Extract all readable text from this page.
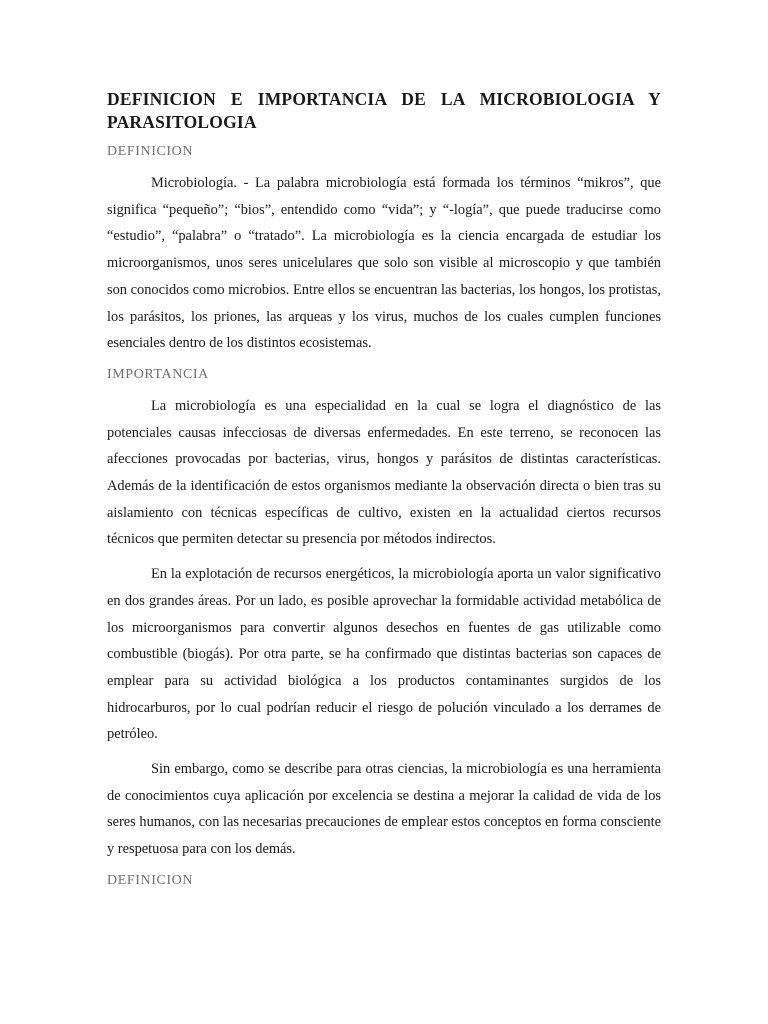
DEFINICION E IMPORTANCIA DE LA MICROBIOLOGIA Y PARASITOLOGIA
DEFINICION

Microbiología. - La palabra microbiología está formada los términos “mikros”, que significa “pequeño”; “bios”, entendido como “vida”; y “-logía”, que puede traducirse como “estudio”, “palabra” o “tratado”. La microbiología es la ciencia encargada de estudiar los microorganismos, unos seres unicelulares que solo son visible al microscopio y que también son conocidos como microbios. Entre ellos se encuentran las bacterias, los hongos, los protistas, los parásitos, los priones, las arqueas y los virus, muchos de los cuales cumplen funciones esenciales dentro de los distintos ecosistemas.

IMPORTANCIA

La microbiología es una especialidad en la cual se logra el diagnóstico de las potenciales causas infecciosas de diversas enfermedades. En este terreno, se reconocen las afecciones provocadas por bacterias, virus, hongos y parásitos de distintas características. Además de la identificación de estos organismos mediante la observación directa o bien tras su aislamiento con técnicas específicas de cultivo, existen en la actualidad ciertos recursos técnicos que permiten detectar su presencia por métodos indirectos.

En la explotación de recursos energéticos, la microbiología aporta un valor significativo en dos grandes áreas. Por un lado, es posible aprovechar la formidable actividad metabólica de los microorganismos para convertir algunos desechos en fuentes de gas utilizable como combustible (biogás). Por otra parte, se ha confirmado que distintas bacterias son capaces de emplear para su actividad biológica a los productos contaminantes surgidos de los hidrocarburos, por lo cual podrían reducir el riesgo de polución vinculado a los derrames de petróleo.

Sin embargo, como se describe para otras ciencias, la microbiología es una herramienta de conocimientos cuya aplicación por excelencia se destina a mejorar la calidad de vida de los seres humanos, con las necesarias precauciones de emplear estos conceptos en forma consciente y respetuosa para con los demás.

DEFINICION
